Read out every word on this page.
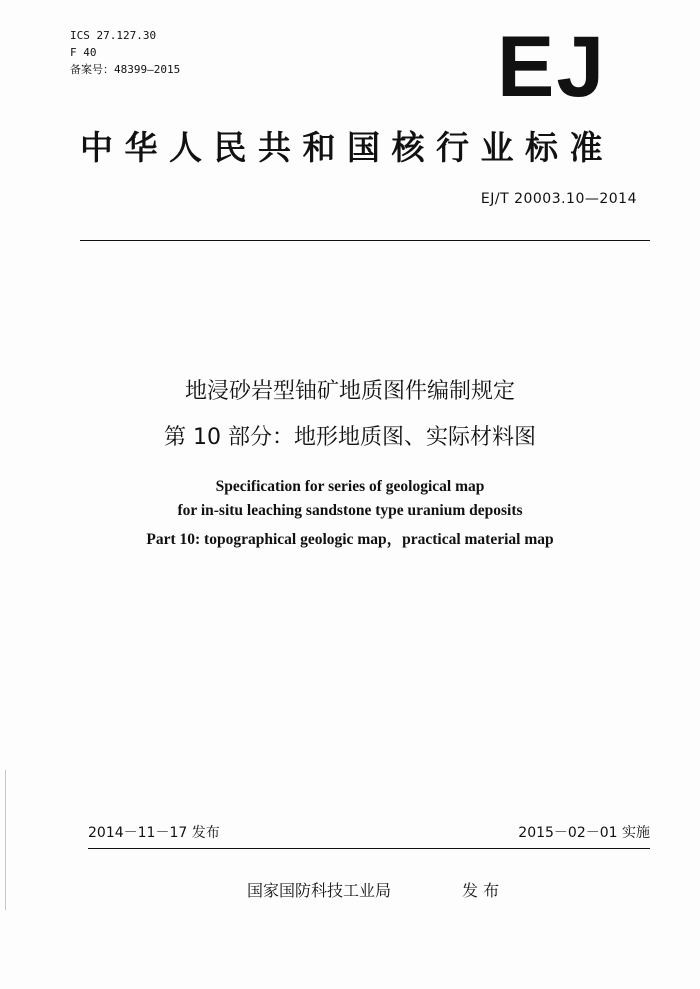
ICS 27.127.30
F 40
备案号：48399—2015	EJ
中华人民共和国核行业标准
EJ/T 20003.10—2014
地浸砂岩型铀矿地质图件编制规定
第 10 部分：地形地质图、实际材料图
Specification for series of geological map
for in-situ leaching sandstone type uranium deposits
Part 10: topographical geologic map，practical material map
2014－11－17 发布	2015－02－01 实施
国家国防科技工业局	发 布
